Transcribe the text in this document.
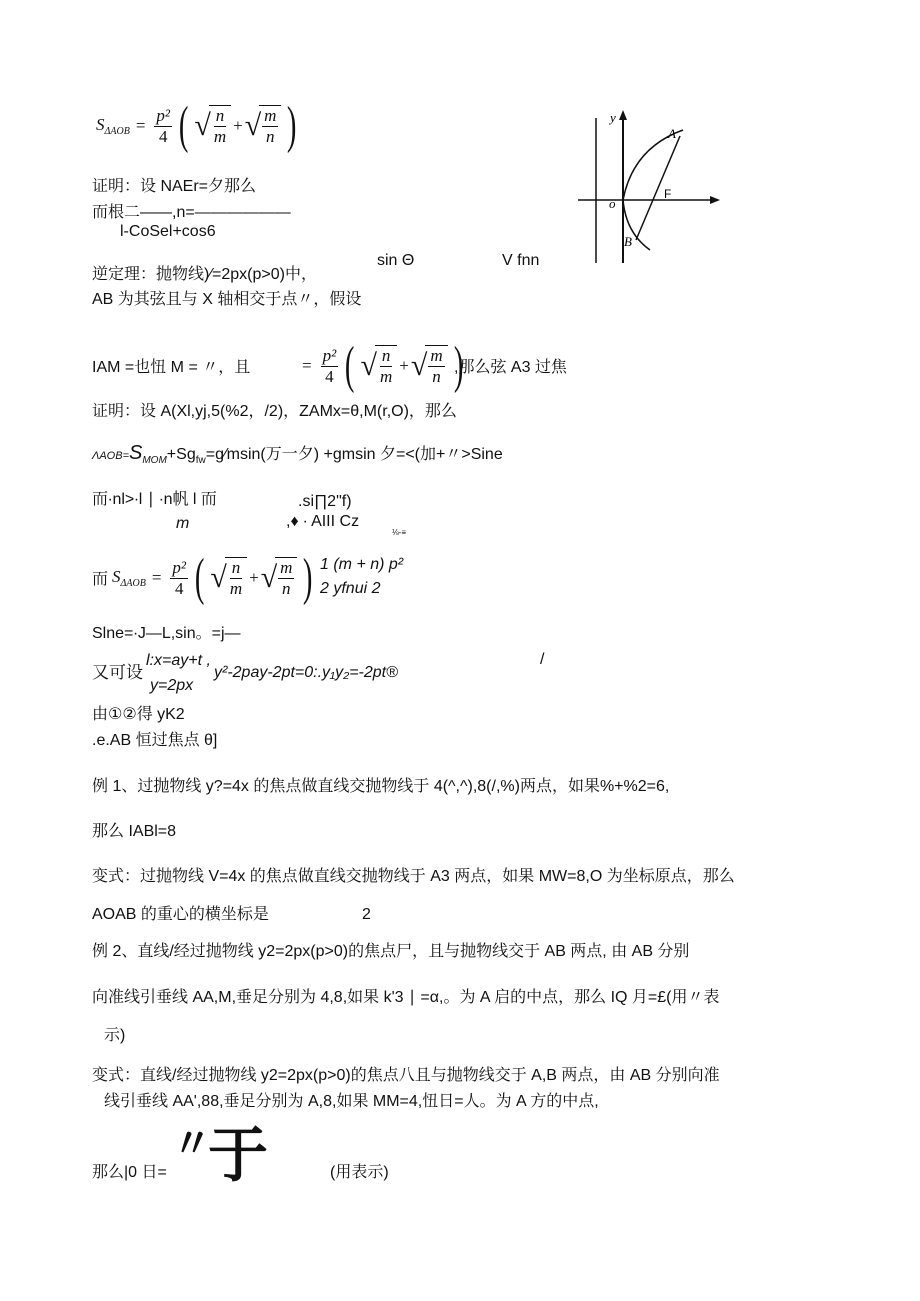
$S_{\Delta AOB} = \frac{\text{p²}}{4}$ ( √ $\frac{n}{m}$ + √ $\frac{m}{n}$ )	y
o
A
B
F
证明：设 NAEr=夕那么
而根二——,n=——————
l-CoSel+cos6
sin Θ	V fnn
逆定理：抛物线)∕=2px(p>0)中，
AB 为其弦且与 X 轴相交于点〃，假设
IAM =也忸 M = 〃，且	= $\frac{\text{p²}}{4}$ ( √ $\frac{n}{m}$ + √ $\frac{m}{n}$ )
,那么弦 A3 过焦
证明：设 A(Xl,yj,5(%2，/2)，ZAMx=θ,M(r,O)，那么
$\Lambda AOB=S_{MOM}+Sg_{fw}=g∕msin$(万一夕) +gmsin 夕=<(加+〃>Sine
而∙nl>∙l ∣ ∙n帆 l 而	.si∏2"f)
m	,♦ ∙ AIII Cz
⅛-≡
而 $S_{\Delta AOB} = \frac{\text{p²}}{4}$ ( √ $\frac{n}{m}$ + √ $\frac{m}{n}$ ) 1 (m + n) p²
2 yfnui 2
Slne=∙J—L,sin。=j—
又可设
l:x=ay+t ,
y=2px
y²-2pay-2pt=0:.y₁y₂=-2pt®
/
由①②得 yK2
.e.AB 恒过焦点 θ]
例 1、过抛物线 y?=4x 的焦点做直线交抛物线于 4(^,^),8(/,%)两点，如果%+%2=6,
那么 IABl=8
变式：过抛物线 V=4x 的焦点做直线交抛物线于 A3 两点，如果 MW=8,O 为坐标原点，那么
AOAB 的重心的横坐标是	2
例 2、直线/经过抛物线 y2=2px(p>0)的焦点尸，且与抛物线交于 AB 两点, 由 AB 分别
向准线引垂线 AA,M,垂足分别为 4,8,如果 k'3 ∣ =α,。为 A 启的中点，那么 IQ 月=£(用〃表
示)
变式：直线/经过抛物线 y2=2px(p>0)的焦点八且与抛物线交于 A,B 两点，由 AB 分别向准
线引垂线 AA',88,垂足分别为 A,8,如果 MM=4,忸日=人。为 A 方的中点,
那么|0 日=
〃
于	(用表示)
